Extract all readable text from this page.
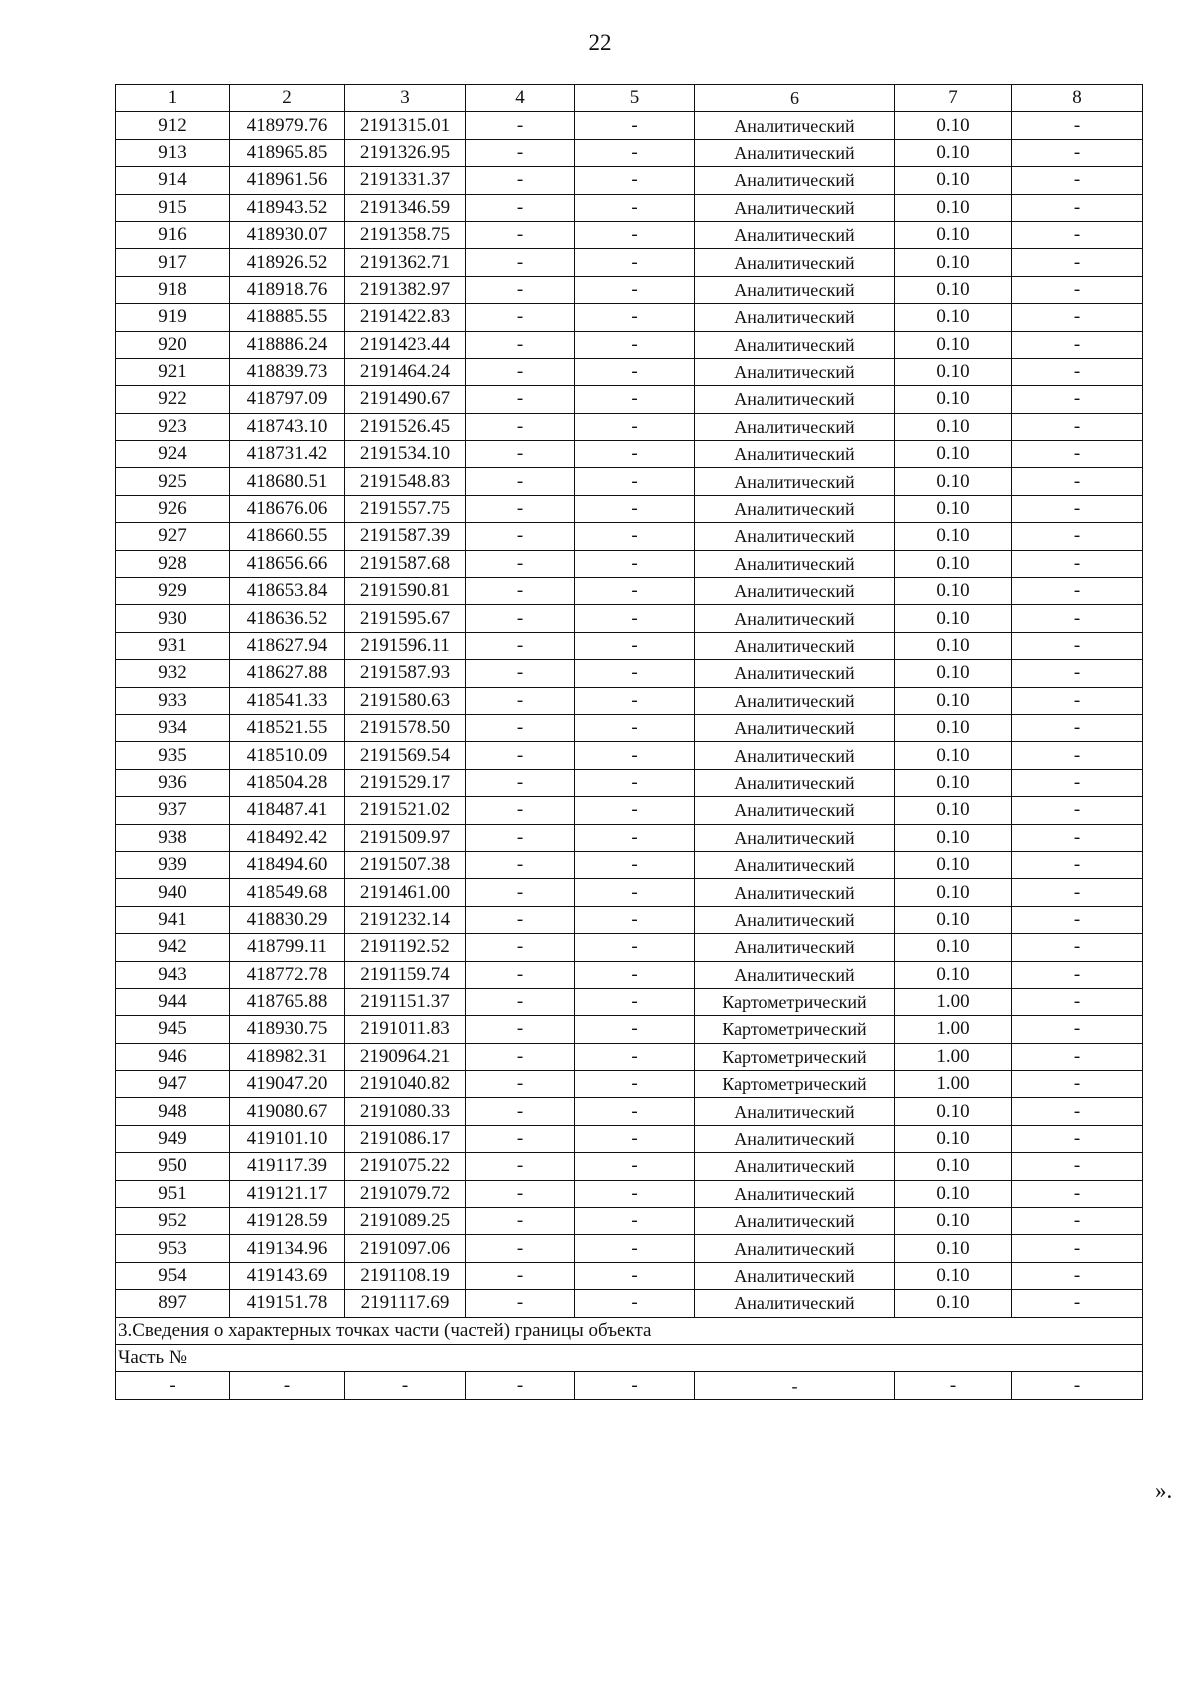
22
1	2	3	4	5	6	7	8
912	418979.76	2191315.01	-	-	Аналитический	0.10	-
913	418965.85	2191326.95	-	-	Аналитический	0.10	-
914	418961.56	2191331.37	-	-	Аналитический	0.10	-
915	418943.52	2191346.59	-	-	Аналитический	0.10	-
916	418930.07	2191358.75	-	-	Аналитический	0.10	-
917	418926.52	2191362.71	-	-	Аналитический	0.10	-
918	418918.76	2191382.97	-	-	Аналитический	0.10	-
919	418885.55	2191422.83	-	-	Аналитический	0.10	-
920	418886.24	2191423.44	-	-	Аналитический	0.10	-
921	418839.73	2191464.24	-	-	Аналитический	0.10	-
922	418797.09	2191490.67	-	-	Аналитический	0.10	-
923	418743.10	2191526.45	-	-	Аналитический	0.10	-
924	418731.42	2191534.10	-	-	Аналитический	0.10	-
925	418680.51	2191548.83	-	-	Аналитический	0.10	-
926	418676.06	2191557.75	-	-	Аналитический	0.10	-
927	418660.55	2191587.39	-	-	Аналитический	0.10	-
928	418656.66	2191587.68	-	-	Аналитический	0.10	-
929	418653.84	2191590.81	-	-	Аналитический	0.10	-
930	418636.52	2191595.67	-	-	Аналитический	0.10	-
931	418627.94	2191596.11	-	-	Аналитический	0.10	-
932	418627.88	2191587.93	-	-	Аналитический	0.10	-
933	418541.33	2191580.63	-	-	Аналитический	0.10	-
934	418521.55	2191578.50	-	-	Аналитический	0.10	-
935	418510.09	2191569.54	-	-	Аналитический	0.10	-
936	418504.28	2191529.17	-	-	Аналитический	0.10	-
937	418487.41	2191521.02	-	-	Аналитический	0.10	-
938	418492.42	2191509.97	-	-	Аналитический	0.10	-
939	418494.60	2191507.38	-	-	Аналитический	0.10	-
940	418549.68	2191461.00	-	-	Аналитический	0.10	-
941	418830.29	2191232.14	-	-	Аналитический	0.10	-
942	418799.11	2191192.52	-	-	Аналитический	0.10	-
943	418772.78	2191159.74	-	-	Аналитический	0.10	-
944	418765.88	2191151.37	-	-	Картометрический	1.00	-
945	418930.75	2191011.83	-	-	Картометрический	1.00	-
946	418982.31	2190964.21	-	-	Картометрический	1.00	-
947	419047.20	2191040.82	-	-	Картометрический	1.00	-
948	419080.67	2191080.33	-	-	Аналитический	0.10	-
949	419101.10	2191086.17	-	-	Аналитический	0.10	-
950	419117.39	2191075.22	-	-	Аналитический	0.10	-
951	419121.17	2191079.72	-	-	Аналитический	0.10	-
952	419128.59	2191089.25	-	-	Аналитический	0.10	-
953	419134.96	2191097.06	-	-	Аналитический	0.10	-
954	419143.69	2191108.19	-	-	Аналитический	0.10	-
897	419151.78	2191117.69	-	-	Аналитический	0.10	-
3.Сведения о характерных точках части (частей) границы объекта							
Часть №							
-	-	-	-	-	-	-	-
».
